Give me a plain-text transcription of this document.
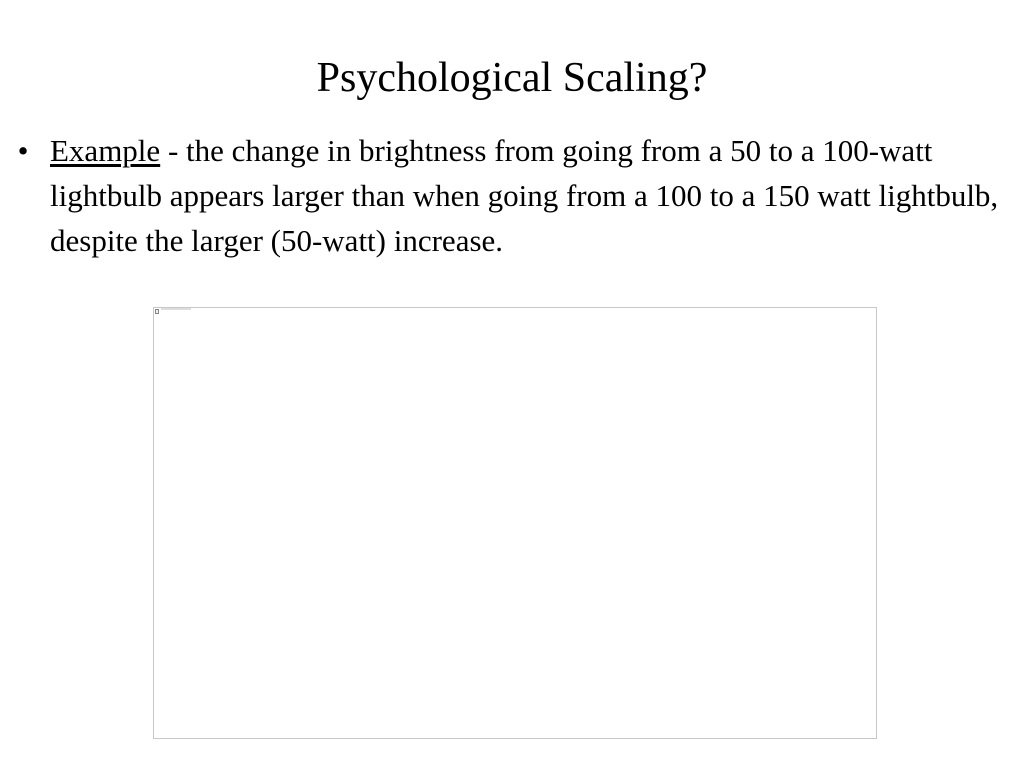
Psychological Scaling?
• Example - the change in brightness from going from a 50 to a 100-watt lightbulb appears larger than when going from a 100 to a 150 watt lightbulb, despite the larger (50-watt) increase.
